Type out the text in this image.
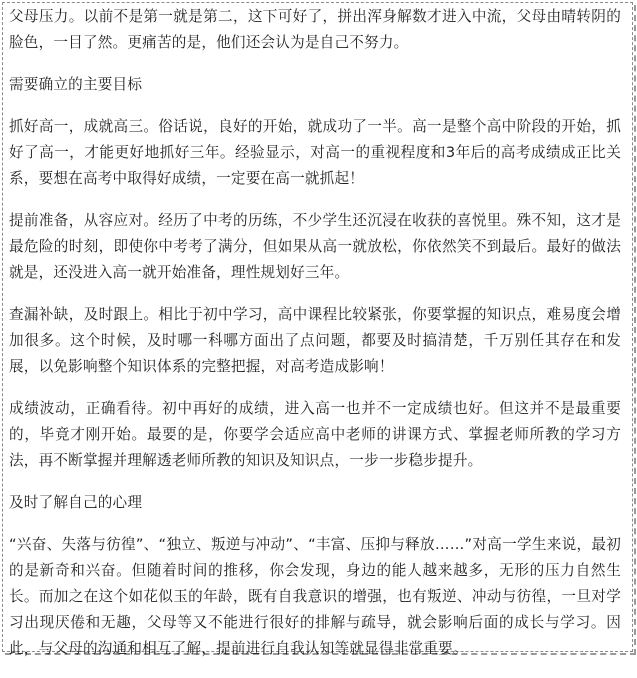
父母压力。以前不是第一就是第二，这下可好了，拼出浑身解数才进入中流，父母由晴转阴的脸色，一目了然。更痛苦的是，他们还会认为是自己不努力。

需要确立的主要目标

抓好高一，成就高三。俗话说，良好的开始，就成功了一半。高一是整个高中阶段的开始，抓好了高一，才能更好地抓好三年。经验显示，对高一的重视程度和3年后的高考成绩成正比关系，要想在高考中取得好成绩，一定要在高一就抓起！

提前准备，从容应对。经历了中考的历练，不少学生还沉浸在收获的喜悦里。殊不知，这才是最危险的时刻，即使你中考考了满分，但如果从高一就放松，你依然笑不到最后。最好的做法就是，还没进入高一就开始准备，理性规划好三年。

查漏补缺，及时跟上。相比于初中学习，高中课程比较紧张，你要掌握的知识点，难易度会增加很多。这个时候，及时哪一科哪方面出了点问题，都要及时搞清楚，千万别任其存在和发展，以免影响整个知识体系的完整把握，对高考造成影响！

成绩波动，正确看待。初中再好的成绩，进入高一也并不一定成绩也好。但这并不是最重要的，毕竟才刚开始。最要的是，你要学会适应高中老师的讲课方式、掌握老师所教的学习方法，再不断掌握并理解透老师所教的知识及知识点，一步一步稳步提升。

及时了解自己的心理

“兴奋、失落与彷徨”、“独立、叛逆与冲动”、“丰富、压抑与释放……”对高一学生来说，最初的是新奇和兴奋。但随着时间的推移，你会发现，身边的能人越来越多，无形的压力自然生长。而加之在这个如花似玉的年龄，既有自我意识的增强，也有叛逆、冲动与彷徨，一旦对学习出现厌倦和无趣，父母等又不能进行很好的排解与疏导，就会影响后面的成长与学习。因此，与父母的沟通和相互了解，提前进行自我认知等就显得非常重要。
